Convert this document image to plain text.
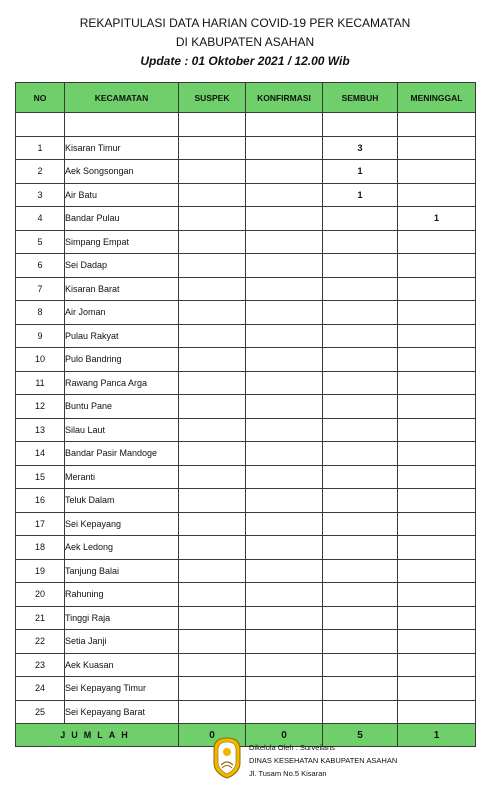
REKAPITULASI DATA HARIAN COVID-19 PER KECAMATAN
DI KABUPATEN ASAHAN
Update : 01 Oktober 2021 / 12.00 Wib
NO	KECAMATAN	SUSPEK	KONFIRMASI	SEMBUH	MENINGGAL

1	Kisaran Timur			3	
2	Aek Songsongan			1	
3	Air Batu			1	
4	Bandar Pulau				1
5	Simpang Empat				
6	Sei Dadap				
7	Kisaran Barat				
8	Air Joman				
9	Pulau Rakyat				
10	Pulo Bandring				
11	Rawang Panca Arga				
12	Buntu Pane				
13	Silau Laut				
14	Bandar Pasir Mandoge				
15	Meranti				
16	Teluk Dalam				
17	Sei Kepayang				
18	Aek Ledong				
19	Tanjung Balai				
20	Rahuning				
21	Tinggi Raja				
22	Setia Janji				
23	Aek Kuasan				
24	Sei Kepayang Timur				
25	Sei Kepayang Barat				
JUMLAH		0	0	5	1
Dikelola Oleh : Surveilans
DINAS KESEHATAN KABUPATEN ASAHAN
Jl. Tusam No.5 Kisaran
